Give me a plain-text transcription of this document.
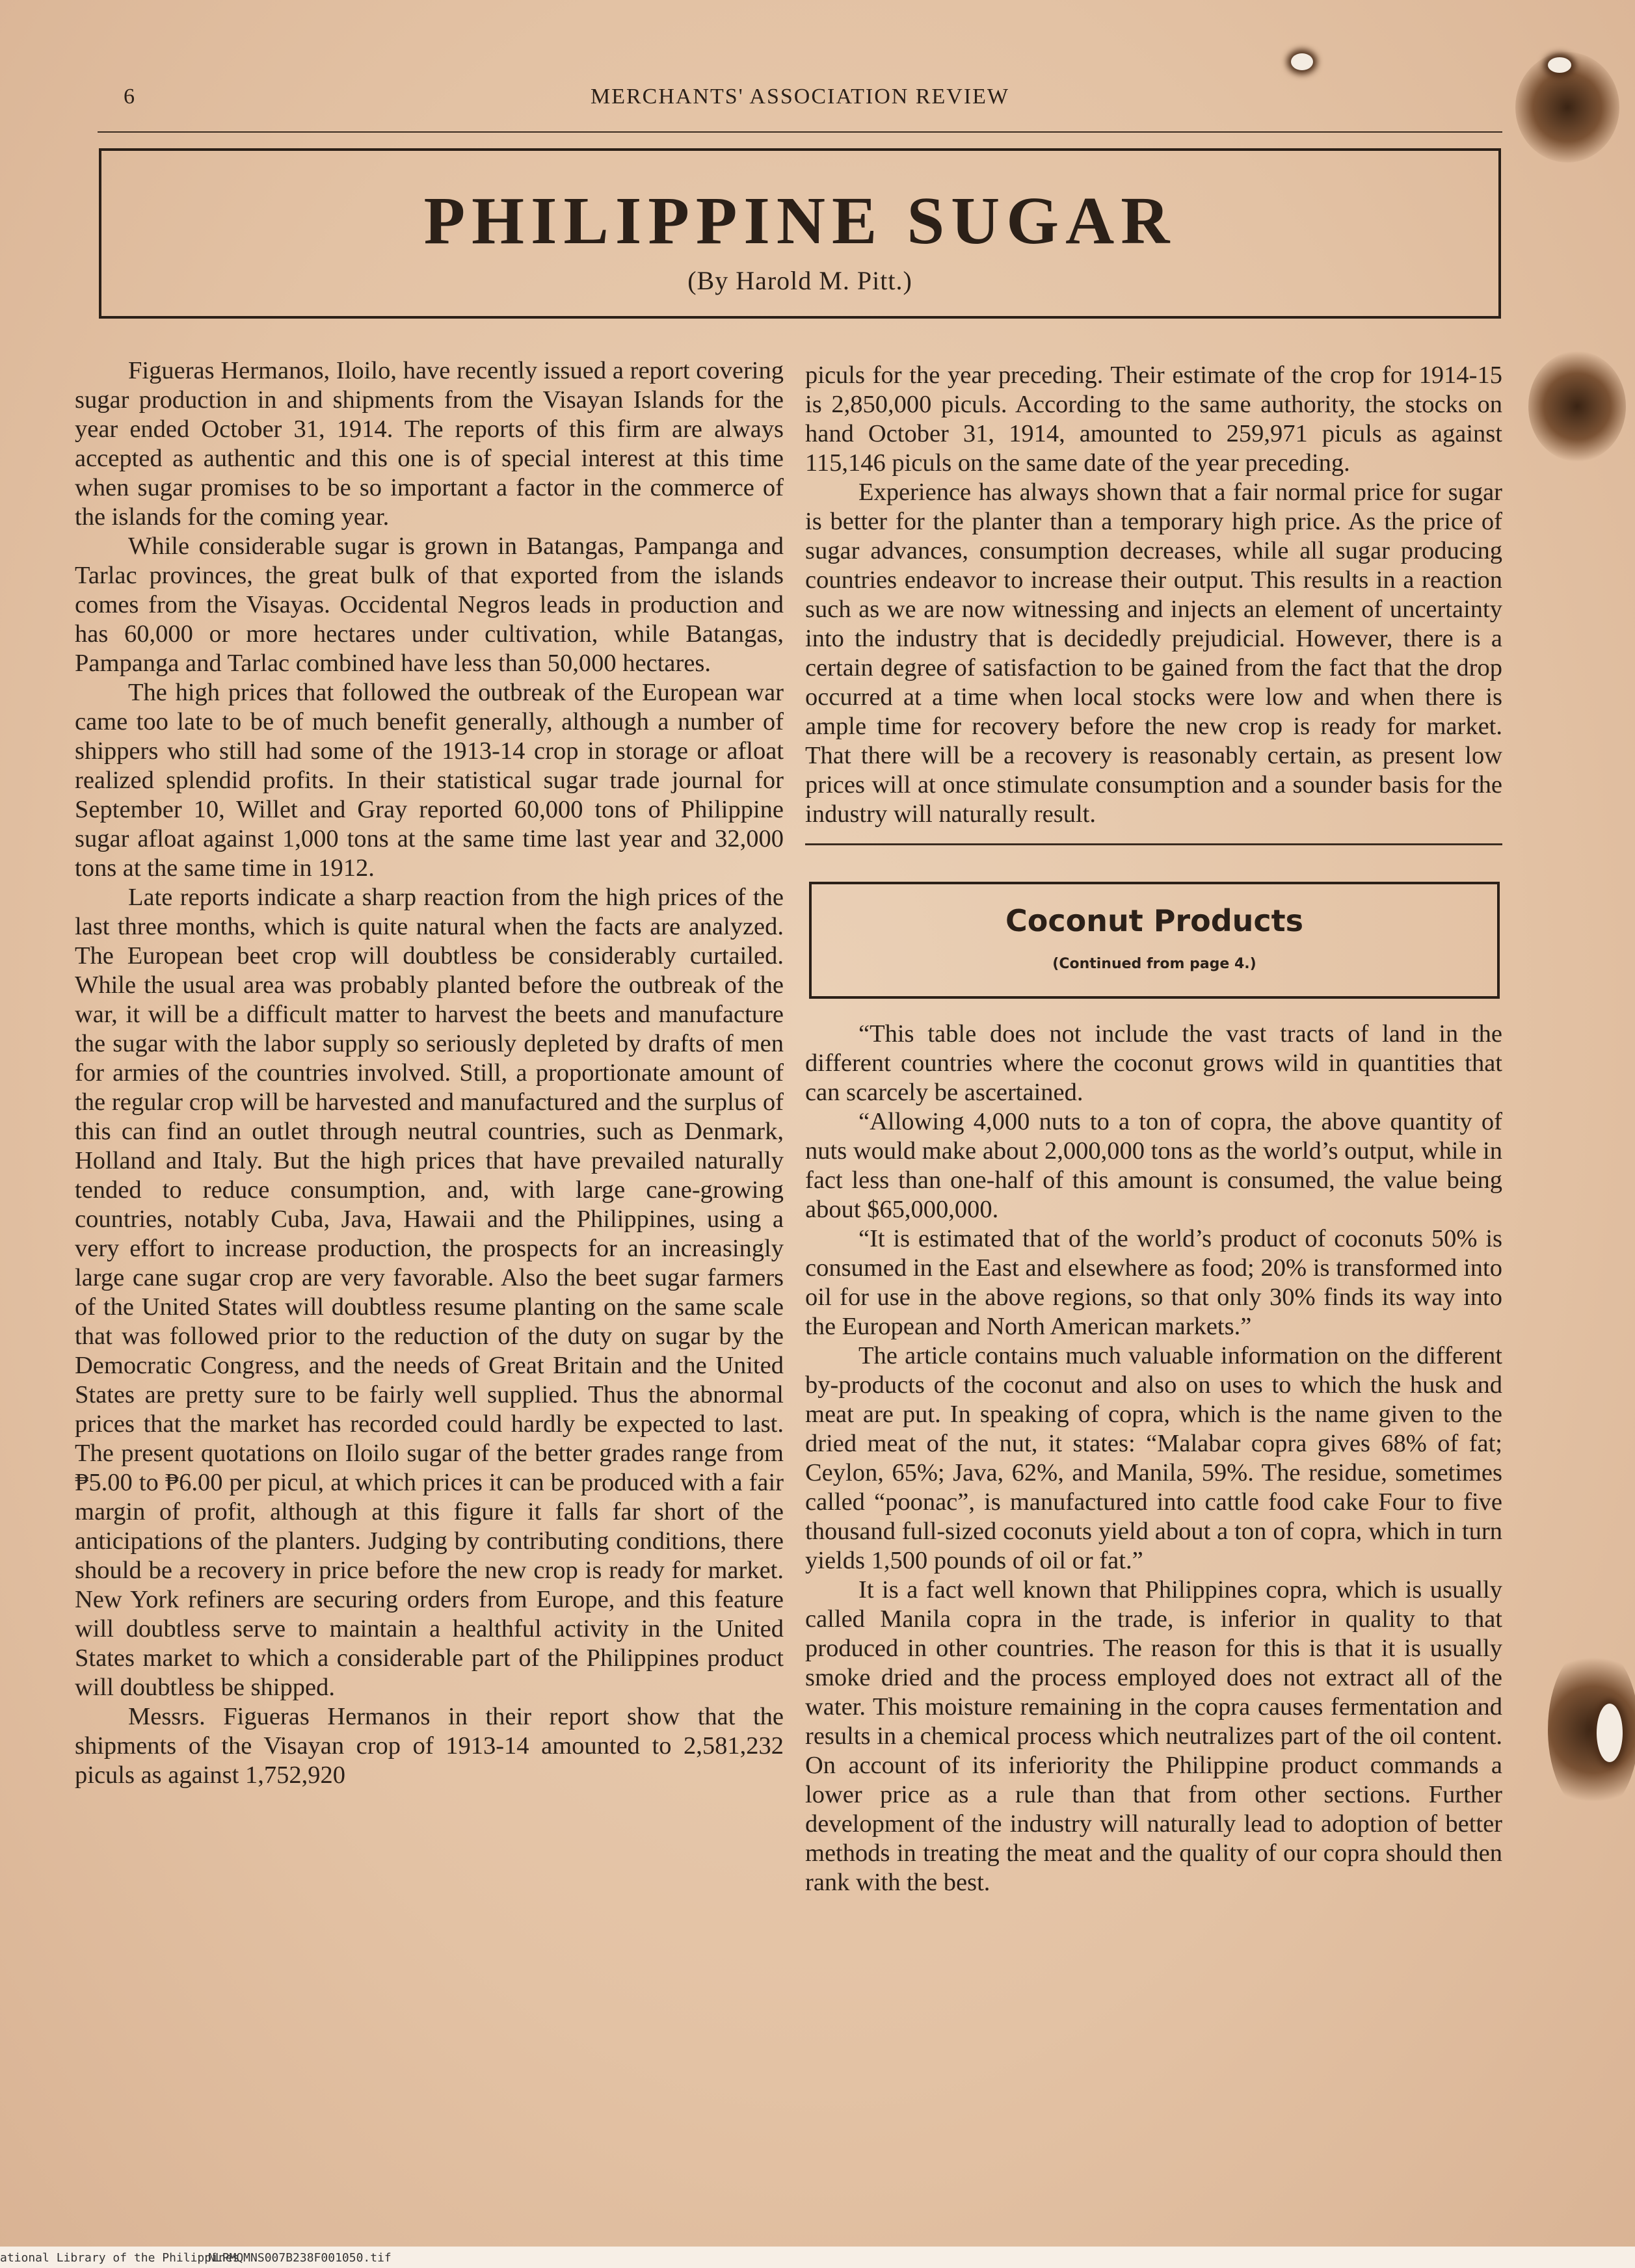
6	MERCHANTS' ASSOCIATION REVIEW
PHILIPPINE SUGAR
(By Harold M. Pitt.)

Figueras Hermanos, Iloilo, have recently issued a report covering sugar production in and shipments from the Visayan Islands for the year ended October 31, 1914. The reports of this firm are always accepted as authentic and this one is of special interest at this time when sugar promises to be so important a factor in the commerce of the islands for the coming year.

While considerable sugar is grown in Batangas, Pampanga and Tarlac provinces, the great bulk of that exported from the islands comes from the Visayas. Occidental Negros leads in production and has 60,000 or more hectares under cultivation, while Batangas, Pampanga and Tarlac combined have less than 50,000 hectares.

The high prices that followed the outbreak of the European war came too late to be of much benefit generally, although a number of shippers who still had some of the 1913-14 crop in storage or afloat realized splendid profits. In their statistical sugar trade journal for September 10, Willet and Gray reported 60,000 tons of Philippine sugar afloat against 1,000 tons at the same time last year and 32,000 tons at the same time in 1912.

Late reports indicate a sharp reaction from the high prices of the last three months, which is quite natural when the facts are analyzed. The European beet crop will doubtless be considerably curtailed. While the usual area was probably planted before the outbreak of the war, it will be a difficult matter to harvest the beets and manufacture the sugar with the labor supply so seriously depleted by drafts of men for armies of the countries involved. Still, a proportionate amount of the regular crop will be harvested and manufactured and the surplus of this can find an outlet through neutral countries, such as Denmark, Holland and Italy. But the high prices that have prevailed naturally tended to reduce consumption, and, with large cane-growing countries, notably Cuba, Java, Hawaii and the Philippines, using a very effort to increase production, the prospects for an increasingly large cane sugar crop are very favorable. Also the beet sugar farmers of the United States will doubtless resume planting on the same scale that was followed prior to the reduction of the duty on sugar by the Democratic Congress, and the needs of Great Britain and the United States are pretty sure to be fairly well supplied. Thus the abnormal prices that the market has recorded could hardly be expected to last. The present quotations on Iloilo sugar of the better grades range from ₱5.00 to ₱6.00 per picul, at which prices it can be produced with a fair margin of profit, although at this figure it falls far short of the anticipations of the planters. Judging by contributing conditions, there should be a recovery in price before the new crop is ready for market. New York refiners are securing orders from Europe, and this feature will doubtless serve to maintain a healthful activity in the United States market to which a considerable part of the Philippines product will doubtless be shipped.

Messrs. Figueras Hermanos in their report show that the shipments of the Visayan crop of 1913-14 amounted to 2,581,232 piculs as against 1,752,920

piculs for the year preceding. Their estimate of the crop for 1914-15 is 2,850,000 piculs. According to the same authority, the stocks on hand October 31, 1914, amounted to 259,971 piculs as against 115,146 piculs on the same date of the year preceding.

Experience has always shown that a fair normal price for sugar is better for the planter than a temporary high price. As the price of sugar advances, consumption decreases, while all sugar producing countries endeavor to increase their output. This results in a reaction such as we are now witnessing and injects an element of uncertainty into the industry that is decidedly prejudicial. However, there is a certain degree of satisfaction to be gained from the fact that the drop occurred at a time when local stocks were low and when there is ample time for recovery before the new crop is ready for market. That there will be a recovery is reasonably certain, as present low prices will at once stimulate consumption and a sounder basis for the industry will naturally result.

Coconut Products
(Continued from page 4.)

“This table does not include the vast tracts of land in the different countries where the coconut grows wild in quantities that can scarcely be ascertained.

“Allowing 4,000 nuts to a ton of copra, the above quantity of nuts would make about 2,000,000 tons as the world’s output, while in fact less than one-half of this amount is consumed, the value being about $65,000,000.

“It is estimated that of the world’s product of coconuts 50% is consumed in the East and elsewhere as food; 20% is transformed into oil for use in the above regions, so that only 30% finds its way into the European and North American markets.”

The article contains much valuable information on the different by-products of the coconut and also on uses to which the husk and meat are put. In speaking of copra, which is the name given to the dried meat of the nut, it states: “Malabar copra gives 68% of fat; Ceylon, 65%; Java, 62%, and Manila, 59%. The residue, sometimes called “poonac”, is manufactured into cattle food cake Four to five thousand full-sized coconuts yield about a ton of copra, which in turn yields 1,500 pounds of oil or fat.”

It is a fact well known that Philippines copra, which is usually called Manila copra in the trade, is inferior in quality to that produced in other countries. The reason for this is that it is usually smoke dried and the process employed does not extract all of the water. This moisture remaining in the copra causes fermentation and results in a chemical process which neutralizes part of the oil content. On account of its inferiority the Philippine product commands a lower price as a rule than that from other sections. Further development of the industry will naturally lead to adoption of better methods in treating the meat and the quality of our copra should then rank with the best.

ational Library of the Philippines
NLPMQMNS007B238F001050.tif
